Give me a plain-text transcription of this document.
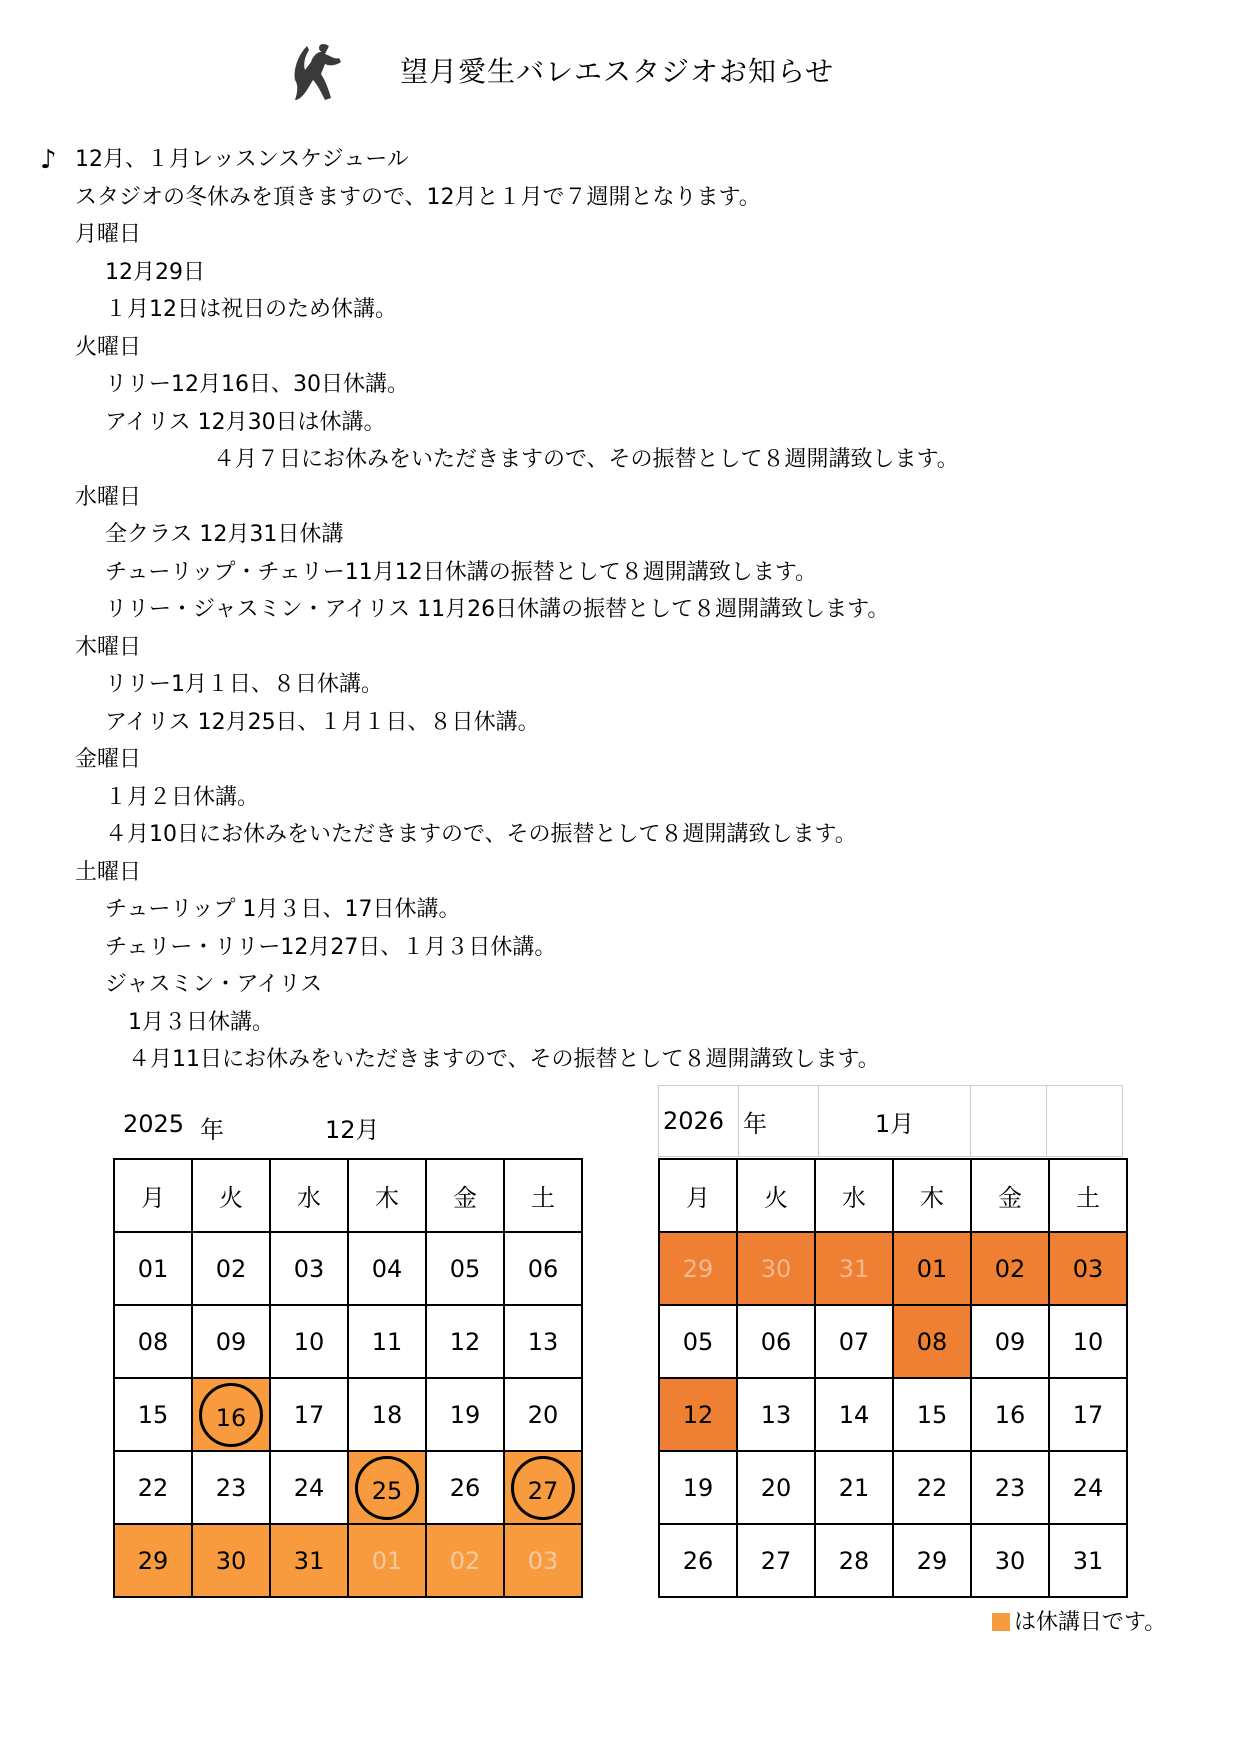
望月愛生バレエスタジオお知らせ
♪ 12月、１月レッスンスケジュール
スタジオの冬休みを頂きますので、12月と１月で７週開となります。
月曜日
12月29日
１月12日は祝日のため休講。
火曜日
リリー12月16日、30日休講。
アイリス 12月30日は休講。
４月７日にお休みをいただきますので、その振替として８週開講致します。
水曜日
全クラス 12月31日休講
チューリップ・チェリー11月12日休講の振替として８週開講致します。
リリー・ジャスミン・アイリス 11月26日休講の振替として８週開講致します。
木曜日
リリー1月１日、８日休講。
アイリス 12月25日、１月１日、８日休講。
金曜日
１月２日休講。
４月10日にお休みをいただきますので、その振替として８週開講致します。
土曜日
チューリップ 1月３日、17日休講。
チェリー・リリー12月27日、１月３日休講。
ジャスミン・アイリス
1月３日休講。
４月11日にお休みをいただきますので、その振替として８週開講致します。
2025 年	12月
月	火	水	木	金	土
01	02	03	04	05	06
08	09	10	11	12	13
15	16	17	18	19	20
22	23	24	25	26	27
29	30	31	01	02	03
2026	年	1月		
月	火	水	木	金	土
29	30	31	01	02	03
05	06	07	08	09	10
12	13	14	15	16	17
19	20	21	22	23	24
26	27	28	29	30	31
は休講日です。
